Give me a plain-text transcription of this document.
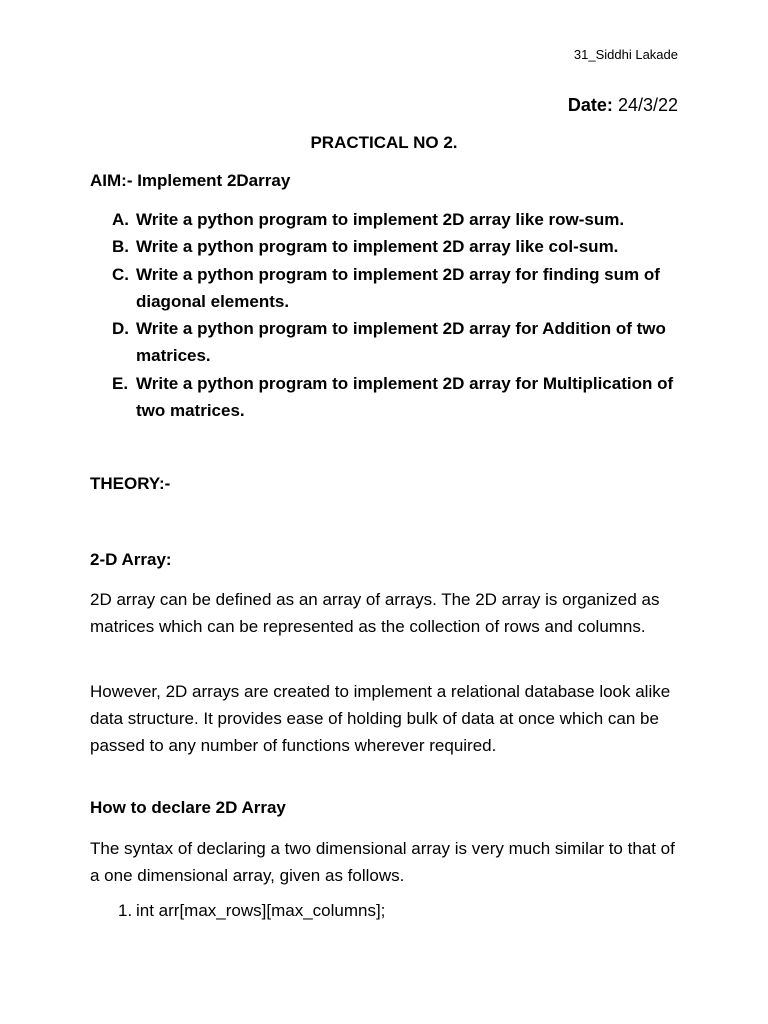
31_Siddhi Lakade
Date: 24/3/22
PRACTICAL NO 2.
AIM:- Implement 2Darray
A. Write a python program to implement 2D array like row-sum.
B. Write a python program to implement 2D array like col-sum.
C. Write a python program to implement 2D array for finding sum of diagonal elements.
D. Write a python program to implement 2D array for Addition of two matrices.
E. Write a python program to implement 2D array for Multiplication of two matrices.
THEORY:-
2-D Array:

2D array can be defined as an array of arrays. The 2D array is organized as matrices which can be represented as the collection of rows and columns.

However, 2D arrays are created to implement a relational database look alike data structure. It provides ease of holding bulk of data at once which can be passed to any number of functions wherever required.

How to declare 2D Array

The syntax of declaring a two dimensional array is very much similar to that of a one dimensional array, given as follows.

1. int arr[max_rows][max_columns];
